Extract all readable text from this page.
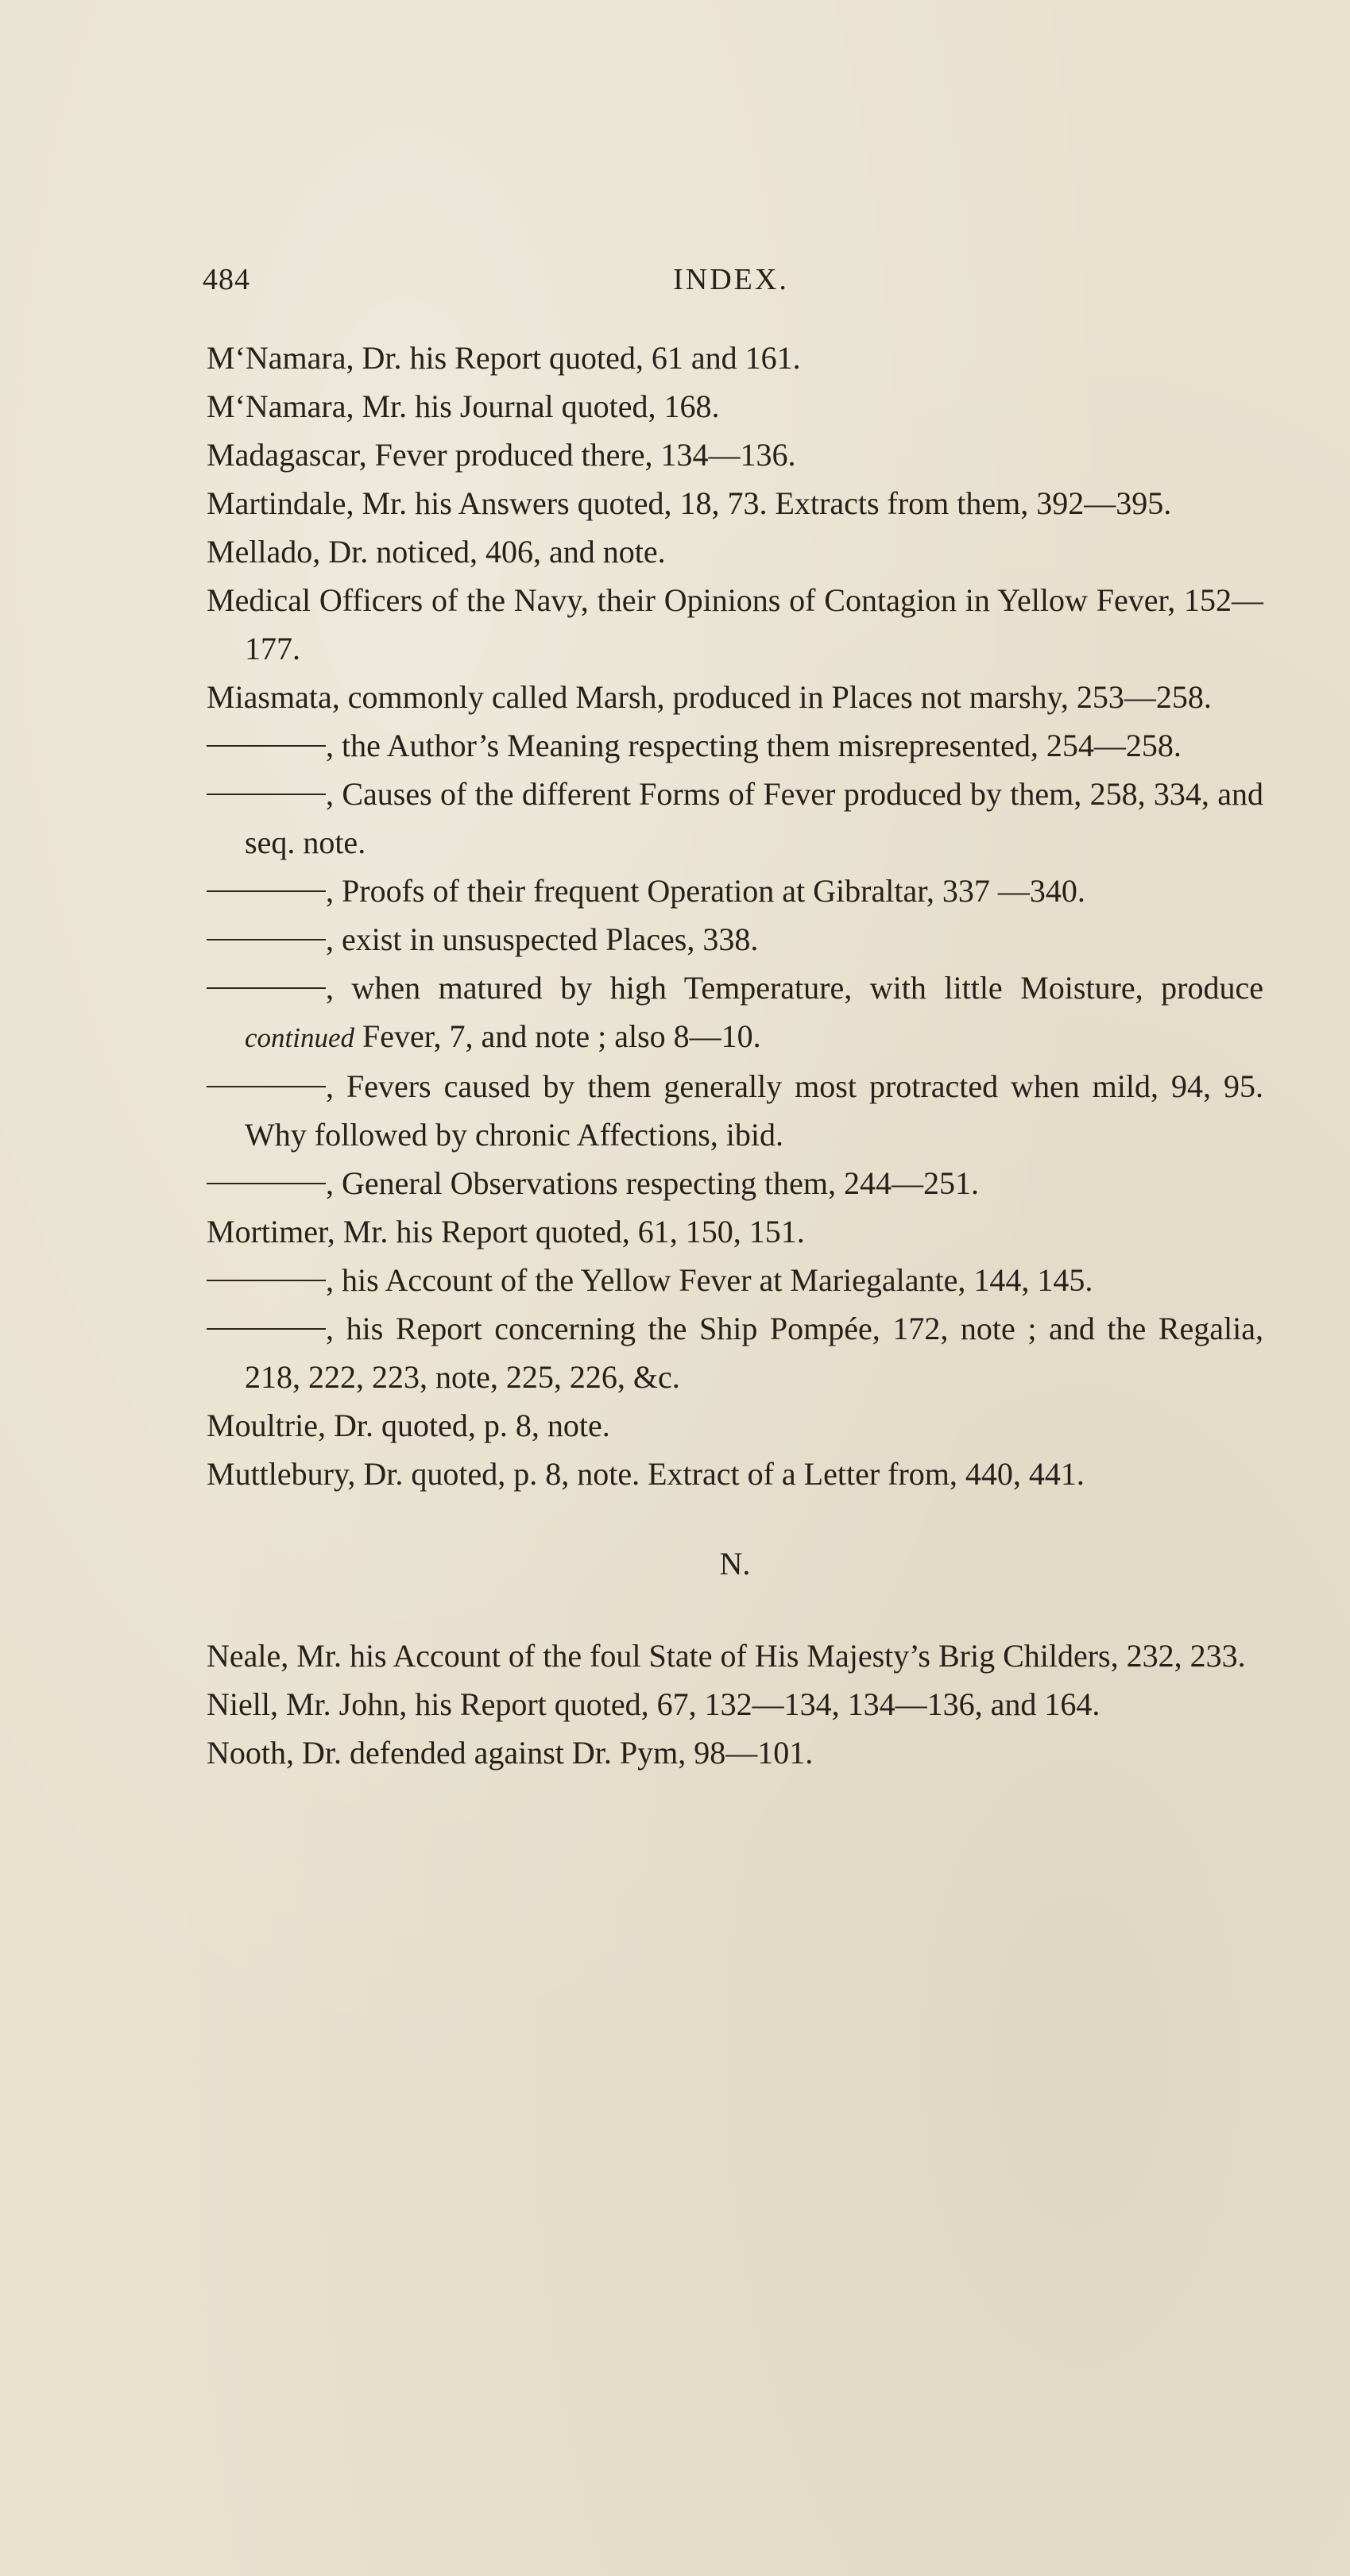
484	INDEX.

M‘Namara, Dr. his Report quoted, 61 and 161.

M‘Namara, Mr. his Journal quoted, 168.

Madagascar, Fever produced there, 134—136.

Martindale, Mr. his Answers quoted, 18, 73. Extracts from them, 392—395.

Mellado, Dr. noticed, 406, and note.

Medical Officers of the Navy, their Opinions of Contagion in Yellow Fever, 152—177.

Miasmata, commonly called Marsh, produced in Places not marshy, 253—258.

, the Author’s Meaning respecting them misrepresented, 254—258.

, Causes of the different Forms of Fever produced by them, 258, 334, and seq. note.

, Proofs of their frequent Operation at Gibraltar, 337 —340.

, exist in unsuspected Places, 338.

, when matured by high Temperature, with little Moisture, produce continued Fever, 7, and note ; also 8—10.

, Fevers caused by them generally most protracted when mild, 94, 95. Why followed by chronic Affections, ibid.

, General Observations respecting them, 244—251.

Mortimer, Mr. his Report quoted, 61, 150, 151.

, his Account of the Yellow Fever at Mariegalante, 144, 145.

, his Report concerning the Ship Pompée, 172, note ; and the Regalia, 218, 222, 223, note, 225, 226, &c.

Moultrie, Dr. quoted, p. 8, note.

Muttlebury, Dr. quoted, p. 8, note. Extract of a Letter from, 440, 441.

N.

Neale, Mr. his Account of the foul State of His Majesty’s Brig Childers, 232, 233.

Niell, Mr. John, his Report quoted, 67, 132—134, 134—136, and 164.

Nooth, Dr. defended against Dr. Pym, 98—101.
